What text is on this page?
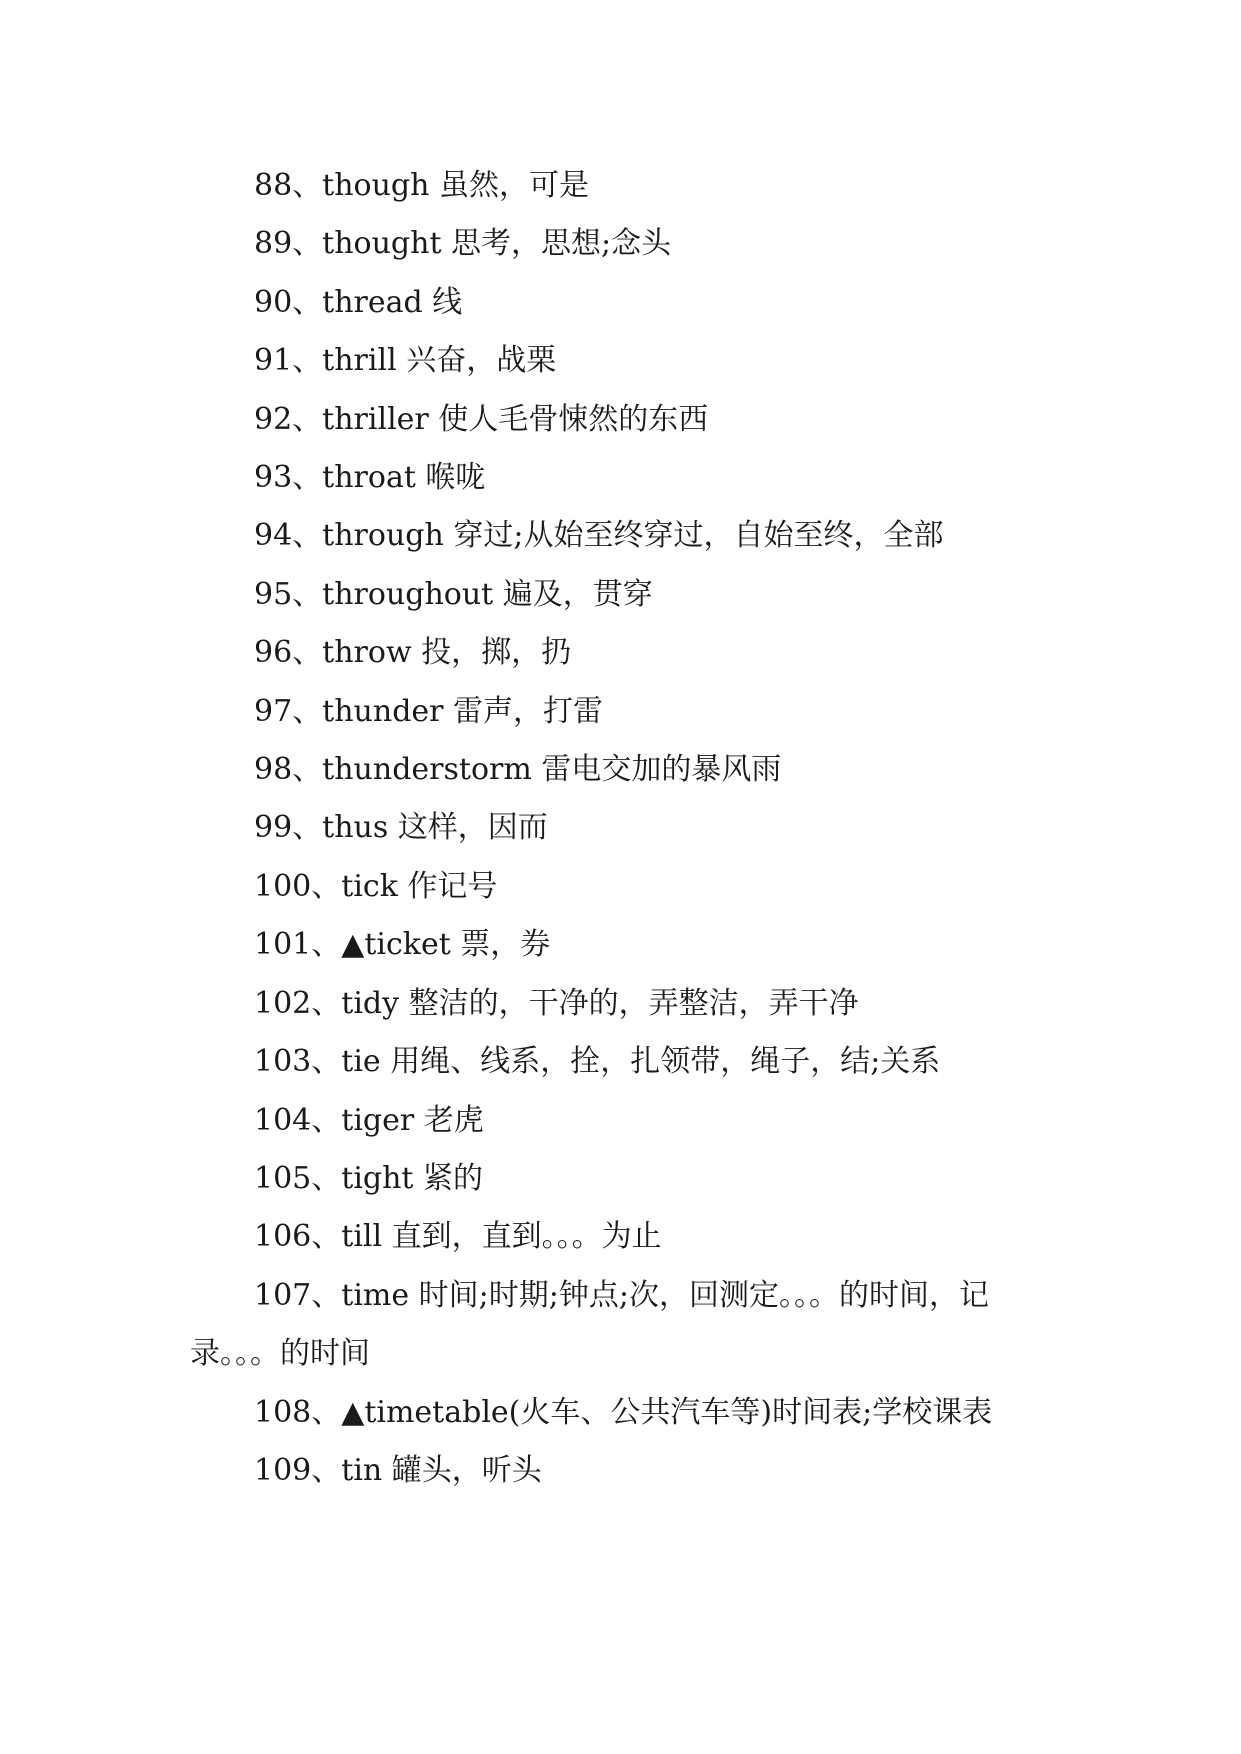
88、though 虽然，可是

89、thought 思考，思想;念头

90、thread 线

91、thrill 兴奋，战栗

92、thriller 使人毛骨悚然的东西

93、throat 喉咙

94、through 穿过;从始至终穿过，自始至终，全部

95、throughout 遍及，贯穿

96、throw 投，掷，扔

97、thunder 雷声，打雷

98、thunderstorm 雷电交加的暴风雨

99、thus 这样，因而

100、tick 作记号

101、▲ticket 票，券

102、tidy 整洁的，干净的，弄整洁，弄干净

103、tie 用绳、线系，拴，扎领带，绳子，结;关系

104、tiger 老虎

105、tight 紧的

106、till 直到，直到。。。为止

107、time 时间;时期;钟点;次，回测定。。。的时间，记录。。。的时间

108、▲timetable(火车、公共汽车等)时间表;学校课表

109、tin 罐头，听头
